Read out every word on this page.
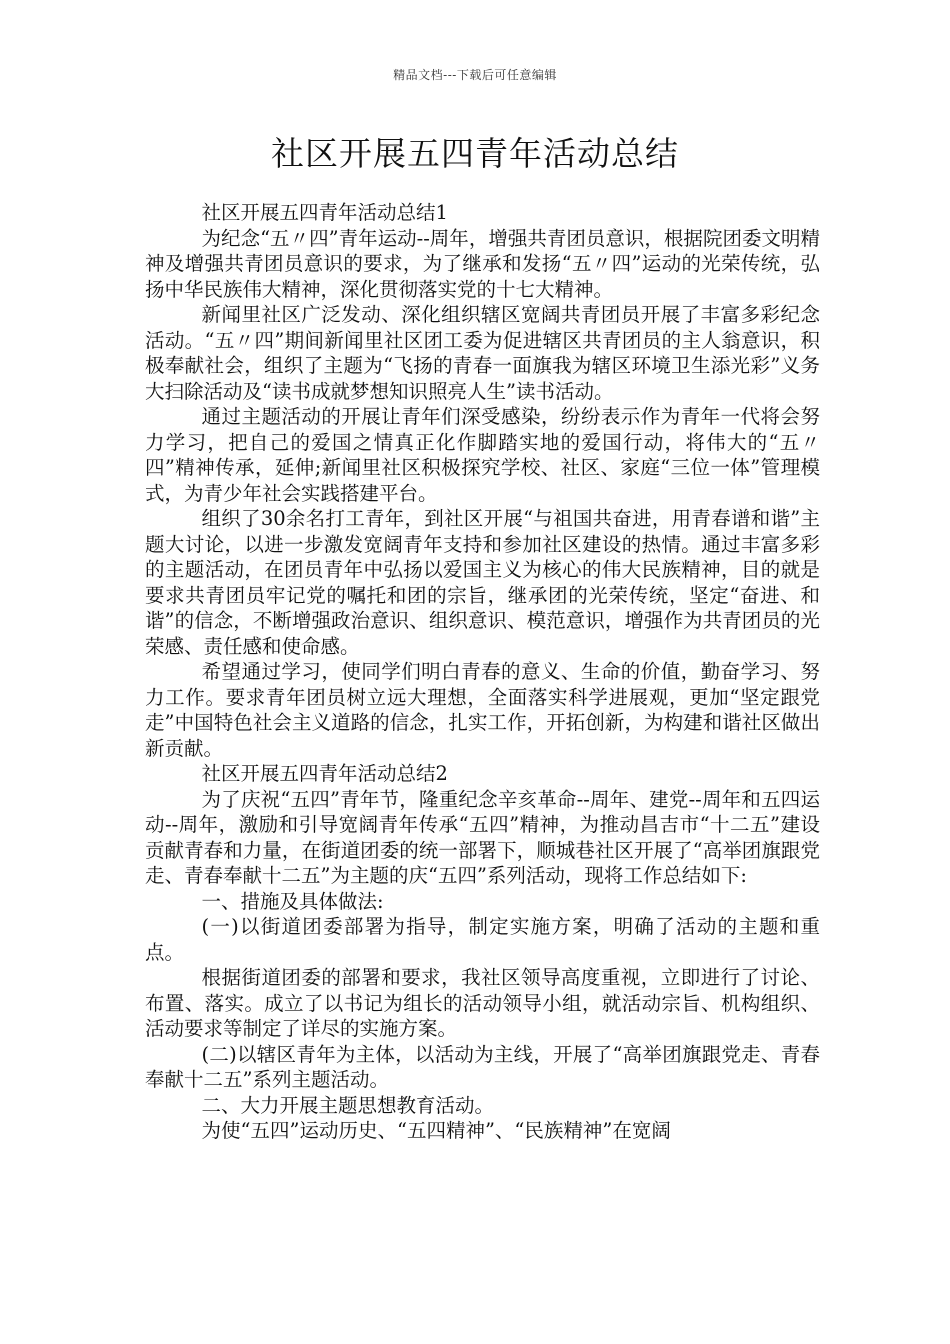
精品文档---下载后可任意编辑
社区开展五四青年活动总结

社区开展五四青年活动总结1

为纪念“五〃四”青年运动--周年，增强共青团员意识，根据院团委文明精神及增强共青团员意识的要求，为了继承和发扬“五〃四”运动的光荣传统，弘扬中华民族伟大精神，深化贯彻落实党的十七大精神。

新闻里社区广泛发动、深化组织辖区宽阔共青团员开展了丰富多彩纪念活动。“五〃四”期间新闻里社区团工委为促进辖区共青团员的主人翁意识，积极奉献社会，组织了主题为“飞扬的青春一面旗我为辖区环境卫生添光彩”义务大扫除活动及“读书成就梦想知识照亮人生”读书活动。

通过主题活动的开展让青年们深受感染，纷纷表示作为青年一代将会努力学习，把自己的爱国之情真正化作脚踏实地的爱国行动，将伟大的“五〃四”精神传承，延伸;新闻里社区积极探究学校、社区、家庭“三位一体”管理模式，为青少年社会实践搭建平台。

组织了30余名打工青年，到社区开展“与祖国共奋进，用青春谱和谐”主题大讨论，以进一步激发宽阔青年支持和参加社区建设的热情。通过丰富多彩的主题活动，在团员青年中弘扬以爱国主义为核心的伟大民族精神，目的就是要求共青团员牢记党的嘱托和团的宗旨，继承团的光荣传统，坚定“奋进、和谐”的信念，不断增强政治意识、组织意识、模范意识，增强作为共青团员的光荣感、责任感和使命感。

希望通过学习，使同学们明白青春的意义、生命的价值，勤奋学习、努力工作。要求青年团员树立远大理想，全面落实科学进展观，更加“坚定跟党走”中国特色社会主义道路的信念，扎实工作，开拓创新，为构建和谐社区做出新贡献。

社区开展五四青年活动总结2

为了庆祝“五四”青年节，隆重纪念辛亥革命--周年、建党--周年和五四运动--周年，激励和引导宽阔青年传承“五四”精神，为推动昌吉市“十二五”建设贡献青春和力量，在街道团委的统一部署下，顺城巷社区开展了“高举团旗跟党走、青春奉献十二五”为主题的庆“五四”系列活动，现将工作总结如下:

一、措施及具体做法:

(一)以街道团委部署为指导，制定实施方案，明确了活动的主题和重点。

根据街道团委的部署和要求，我社区领导高度重视，立即进行了讨论、布置、落实。成立了以书记为组长的活动领导小组，就活动宗旨、机构组织、活动要求等制定了详尽的实施方案。

(二)以辖区青年为主体，以活动为主线，开展了“高举团旗跟党走、青春奉献十二五”系列主题活动。

二、大力开展主题思想教育活动。

为使“五四”运动历史、“五四精神”、“民族精神”在宽阔
